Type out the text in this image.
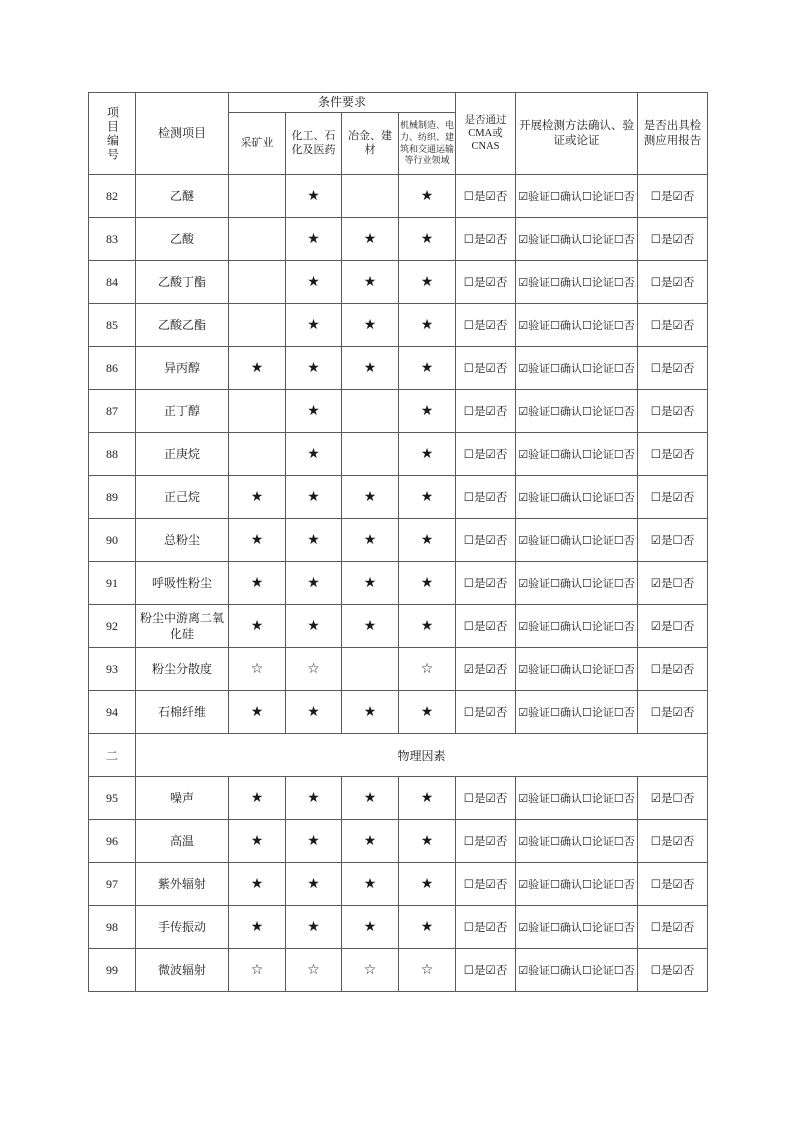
项目编号	检测项目	条件要求				是否通过CMA或CNAS	开展检测方法确认、验证或论证	是否出具检测应用报告
		采矿业	化工、石化及医药	冶金、建材	机械制造、电力、纺织、建筑和交通运输等行业领域			
82	乙醚		★		★	☐是☑否	☑验证☐确认☐论证☐否	☐是☑否
83	乙酸		★	★	★	☐是☑否	☑验证☐确认☐论证☐否	☐是☑否
84	乙酸丁酯		★	★	★	☐是☑否	☑验证☐确认☐论证☐否	☐是☑否
85	乙酸乙酯		★	★	★	☐是☑否	☑验证☐确认☐论证☐否	☐是☑否
86	异丙醇	★	★	★	★	☐是☑否	☑验证☐确认☐论证☐否	☐是☑否
87	正丁醇		★		★	☐是☑否	☑验证☐确认☐论证☐否	☐是☑否
88	正庚烷		★		★	☐是☑否	☑验证☐确认☐论证☐否	☐是☑否
89	正己烷	★	★	★	★	☐是☑否	☑验证☐确认☐论证☐否	☐是☑否
90	总粉尘	★	★	★	★	☐是☑否	☑验证☐确认☐论证☐否	☑是☐否
91	呼吸性粉尘	★	★	★	★	☐是☑否	☑验证☐确认☐论证☐否	☑是☐否
92	粉尘中游离二氧化硅	★	★	★	★	☐是☑否	☑验证☐确认☐论证☐否	☑是☐否
93	粉尘分散度	☆	☆		☆	☑是☑否	☑验证☐确认☐论证☐否	☐是☑否
94	石棉纤维	★	★	★	★	☐是☑否	☑验证☐确认☐论证☐否	☐是☑否
二	物理因素							
95	噪声	★	★	★	★	☐是☑否	☑验证☐确认☐论证☐否	☑是☐否
96	高温	★	★	★	★	☐是☑否	☑验证☐确认☐论证☐否	☐是☑否
97	紫外辐射	★	★	★	★	☐是☑否	☑验证☐确认☐论证☐否	☐是☑否
98	手传振动	★	★	★	★	☐是☑否	☑验证☐确认☐论证☐否	☐是☑否
99	微波辐射	☆	☆	☆	☆	☐是☑否	☑验证☐确认☐论证☐否	☐是☑否
